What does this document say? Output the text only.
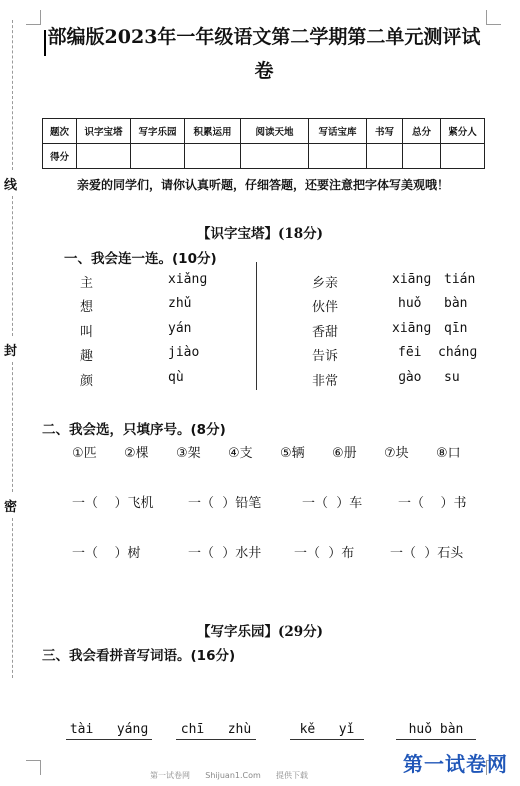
线
封
密
部编版2023年一年级语文第二学期第二单元测评试
卷
题次	识字宝塔	写字乐园	积累运用	阅读天地	写话宝库	书写	总分	紧分人
得分								
亲爱的同学们，请你认真听题，仔细答题，还要注意把字体写美观哦！
【识字宝塔】(18分)
一、我会连一连。(10分)
主	xiǎnɡ
想	zhǔ
叫	yán
趣	jiào
颜	qù
乡亲	xiānɡ tián
伙伴	huǒ bàn
香甜	xiānɡ qīn
告诉	fēi chánɡ
非常	ɡào su
二、我会选，只填序号。(8分)
①匹 ②棵 ③架 ④支 ⑤辆 ⑥册 ⑦块 ⑧口
一（    ）飞机	一（  ）铅笔	一（  ）车	一（    ）书
一（    ）树	一（  ）水井	一（  ）布	一（  ）石头
【写字乐园】(29分)
三、我会看拼音写词语。(16分)
tài   yánɡ	chī   zhù	kě   yǐ	huǒ bàn
第一试卷网      Shijuan1.Com      提供下载	第一试卷网
